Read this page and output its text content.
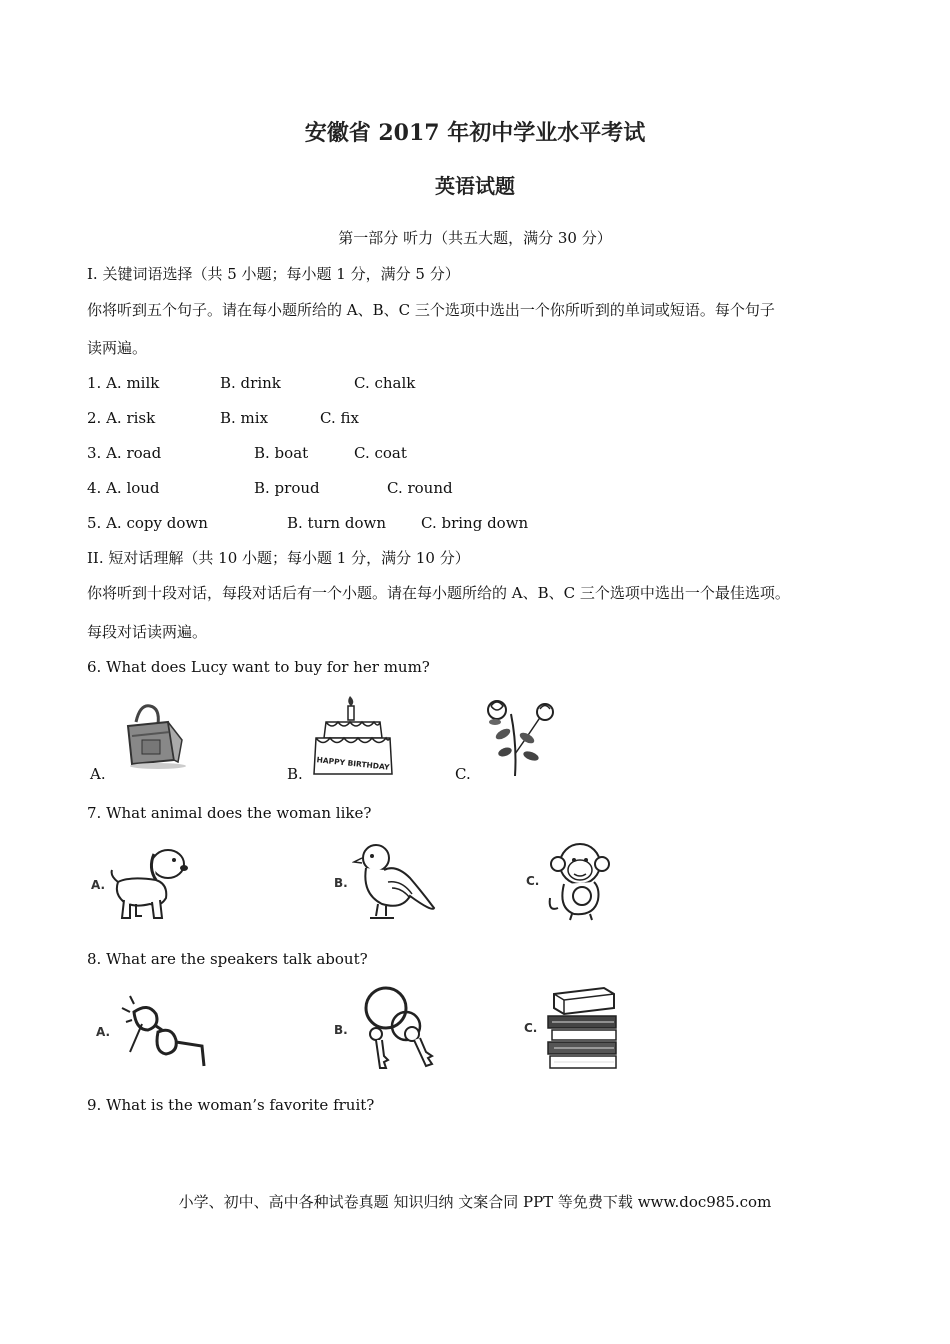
安徽省 2017 年初中学业水平考试
英语试题
第一部分 听力（共五大题，满分 30 分）
I. 关键词语选择（共 5 小题；每小题 1 分，满分 5 分）
你将听到五个句子。请在每小题所给的 A、B、C 三个选项中选出一个你所听到的单词或短语。每个句子
读两遍。
1. A. milk	B. drink	C. chalk
2. A. risk	B. mix	C. fix
3. A. road	B. boat	C. coat
4. A. loud	B. proud	C. round
5. A. copy down	B. turn down C. bring down
II. 短对话理解（共 10 小题；每小题 1 分，满分 10 分）
你将听到十段对话，每段对话后有一个小题。请在每小题所给的 A、B、C 三个选项中选出一个最佳选项。
每段对话读两遍。
6. What does Lucy want to buy for her mum?
A.	B.
HAPPY BIRTHDAY
C.
7. What animal does the woman like?
A.	B.	C.
8. What are the speakers talk about?
A.	B.	C.
9. What is the woman’s favorite fruit?
小学、初中、高中各种试卷真题 知识归纳 文案合同 PPT 等免费下载 www.doc985.com
